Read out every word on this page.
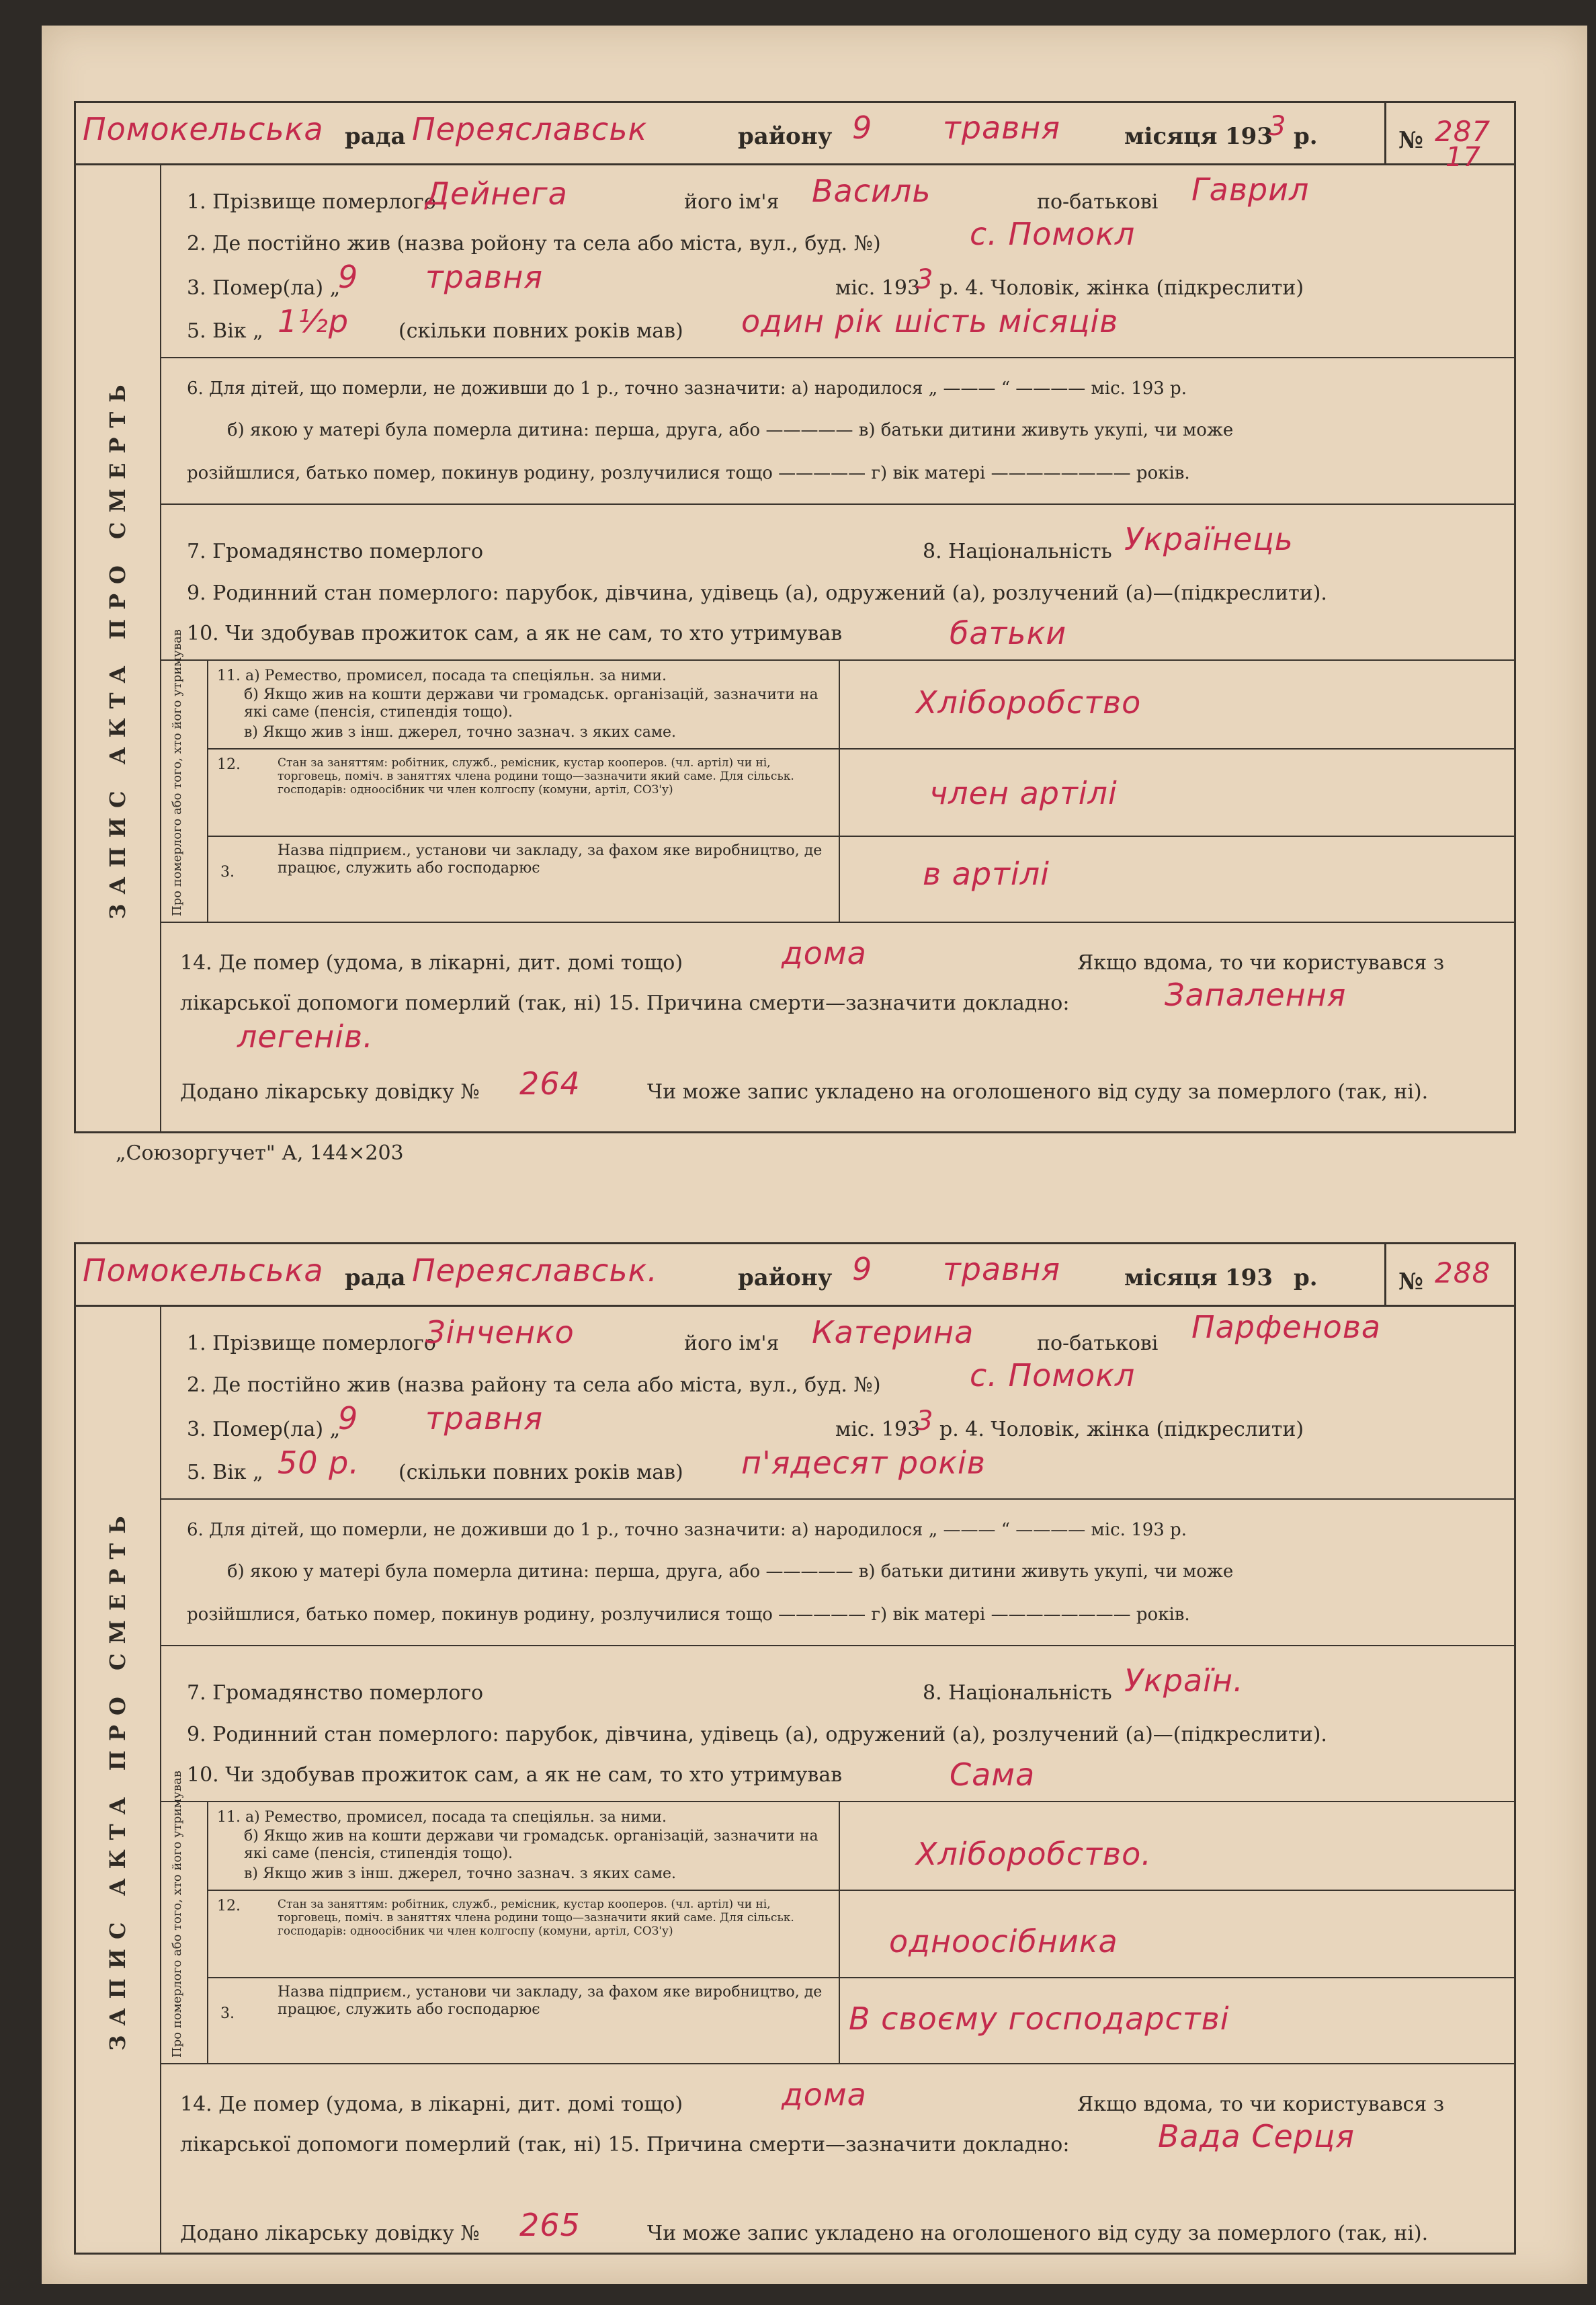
Помокельська рада Переяславськ	району 9 травня	місяця 193
3 р.	№ 287
17
ЗАПИС АКТА ПРО СМЕРТЬ
1. Прізвище померлого
Дейнега	його ім'я Василь	по-батькові Гаврил
2. Де постійно жив (назва ройону та села або міста, вул., буд. №)	с. Помокл
3. Помер(ла) „
9 травня	міс. 193
3 р. 4. Чоловік, жінка (підкреслити)
5. Вік „ 1½р (скільки повних років мав) один рік шість місяців
6. Для дітей, що померли, не доживши до 1 р., точно зазначити: а) народилося „ ——— “ ———— міс. 193 р.
б) якою у матері була померла дитина: перша, друга, або ————— в) батьки дитини живуть укупі, чи може
розійшлися, батько помер, покинув родину, розлучилися тощо ————— г) вік матері ———————— років.
7. Громадянство померлого	8. Національність Українець
9. Родинний стан померлого: парубок, дівчина, удівець (а), одружений (а), розлучений (а)—(підкреслити).
10. Чи здобував прожиток сам, а як не сам, то хто утримував	батьки
Про померлого або того, хто його утримував 11. а) Ремество, промисел, посада та спеціяльн. за ними.
б) Якщо жив на кошти держави чи громадськ. організацій, зазначити на які саме (пенсія, стипендія тощо).
в) Якщо жив з інш. джерел, точно зазнач. з яких саме.
Хліборобство
12.	Стан за заняттям: робітник, служб., ремісник, кустар кооперов. (чл. артіл) чи ні, торговець, поміч. в заняттях члена родини тощо—зазначити який саме. Для сільськ. господарів: одноосібник чи член колгоспу (комуни, артіл, СОЗ'у)	член артілі
3.
Назва підприєм., установи чи закладу, за фахом яке виробництво, де працює, служить або господарює	в артілі
14. Де помер (удома, в лікарні, дит. домі тощо)	дома	Якщо вдома, то чи користувався з
лікарської допомоги померлий (так, ні) 15. Причина смерти—зазначити докладно:	Запалення
легенів.
Додано лікарську довідку № 264	Чи може запис укладено на оголошеного від суду за померлого (так, ні).
„Союзоргучет" А, 144×203
Помокельська рада Переяславськ.	району 9 травня	місяця 193 р.	№ 288
ЗАПИС АКТА ПРО СМЕРТЬ
1. Прізвище померлого
Зінченко	його ім'я Катерина	по-батькові Парфенова
2. Де постійно жив (назва району та села або міста, вул., буд. №)	с. Помокл
3. Помер(ла) „
9 травня	міс. 193
3 р. 4. Чоловік, жінка (підкреслити)
5. Вік „ 50 р. (скільки повних років мав) п'ядесят років
6. Для дітей, що померли, не доживши до 1 р., точно зазначити: а) народилося „ ——— “ ———— міс. 193 р.
б) якою у матері була померла дитина: перша, друга, або ————— в) батьки дитини живуть укупі, чи може
розійшлися, батько помер, покинув родину, розлучилися тощо ————— г) вік матері ———————— років.
7. Громадянство померлого	8. Національність Україн.
9. Родинний стан померлого: парубок, дівчина, удівець (а), одружений (а), розлучений (а)—(підкреслити).
10. Чи здобував прожиток сам, а як не сам, то хто утримував	Сама
Про померлого або того, хто його утримував 11. а) Ремество, промисел, посада та спеціяльн. за ними.
б) Якщо жив на кошти держави чи громадськ. організацій, зазначити на які саме (пенсія, стипендія тощо).
в) Якщо жив з інш. джерел, точно зазнач. з яких саме.
Хліборобство.
12.	Стан за заняттям: робітник, служб., ремісник, кустар кооперов. (чл. артіл) чи ні, торговець, поміч. в заняттях члена родини тощо—зазначити який саме. Для сільськ. господарів: одноосібник чи член колгоспу (комуни, артіл, СОЗ'у)	одноосібника
3.
Назва підприєм., установи чи закладу, за фахом яке виробництво, де працює, служить або господарює	В своєму господарстві
14. Де помер (удома, в лікарні, дит. домі тощо)	дома	Якщо вдома, то чи користувався з
лікарської допомоги померлий (так, ні) 15. Причина смерти—зазначити докладно:	Вада Серця
Додано лікарську довідку № 265	Чи може запис укладено на оголошеного від суду за померлого (так, ні).
